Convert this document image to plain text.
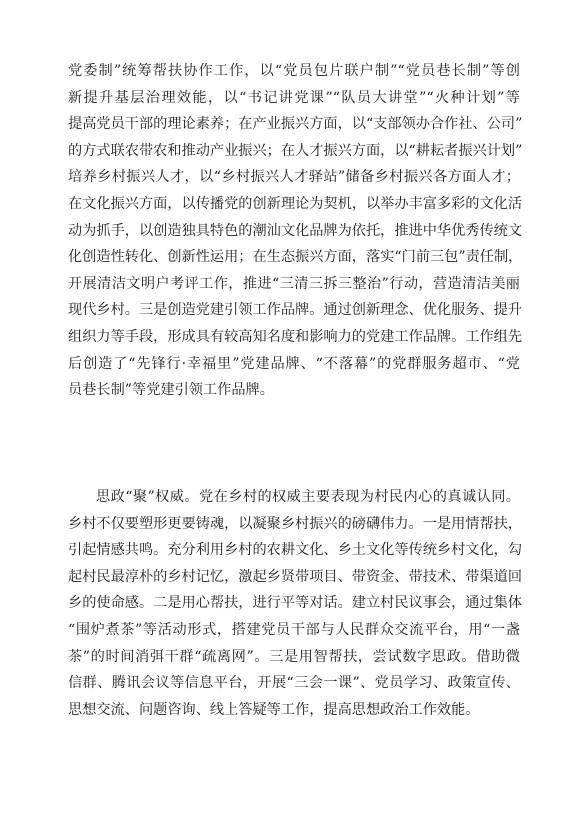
党委制”统筹帮扶协作工作，以“党员包片联户制”“党员巷长制”等创
新提升基层治理效能，以“书记讲党课”“队员大讲堂”“火种计划”等
提高党员干部的理论素养；在产业振兴方面，以“支部领办合作社、公司”
的方式联农带农和推动产业振兴；在人才振兴方面，以“耕耘者振兴计划”
培养乡村振兴人才，以“乡村振兴人才驿站”储备乡村振兴各方面人才；
在文化振兴方面，以传播党的创新理论为契机，以举办丰富多彩的文化活
动为抓手，以创造独具特色的潮汕文化品牌为依托，推进中华优秀传统文
化创造性转化、创新性运用；在生态振兴方面，落实“门前三包”责任制，
开展清洁文明户考评工作，推进“三清三拆三整治”行动，营造清洁美丽
现代乡村。三是创造党建引领工作品牌。通过创新理念、优化服务、提升
组织力等手段，形成具有较高知名度和影响力的党建工作品牌。工作组先
后创造了“先锋行·幸福里”党建品牌、“不落幕”的党群服务超市、“党
员巷长制”等党建引领工作品牌。
思政“聚”权威。党在乡村的权威主要表现为村民内心的真诚认同。
乡村不仅要塑形更要铸魂，以凝聚乡村振兴的磅礴伟力。一是用情帮扶，
引起情感共鸣。充分利用乡村的农耕文化、乡土文化等传统乡村文化，勾
起村民最淳朴的乡村记忆，激起乡贤带项目、带资金、带技术、带渠道回
乡的使命感。二是用心帮扶，进行平等对话。建立村民议事会，通过集体
“围炉煮茶”等活动形式，搭建党员干部与人民群众交流平台，用“一盏
茶”的时间消弭干群“疏离网”。三是用智帮扶，尝试数字思政。借助微
信群、腾讯会议等信息平台，开展“三会一课”、党员学习、政策宣传、
思想交流、问题咨询、线上答疑等工作，提高思想政治工作效能。
